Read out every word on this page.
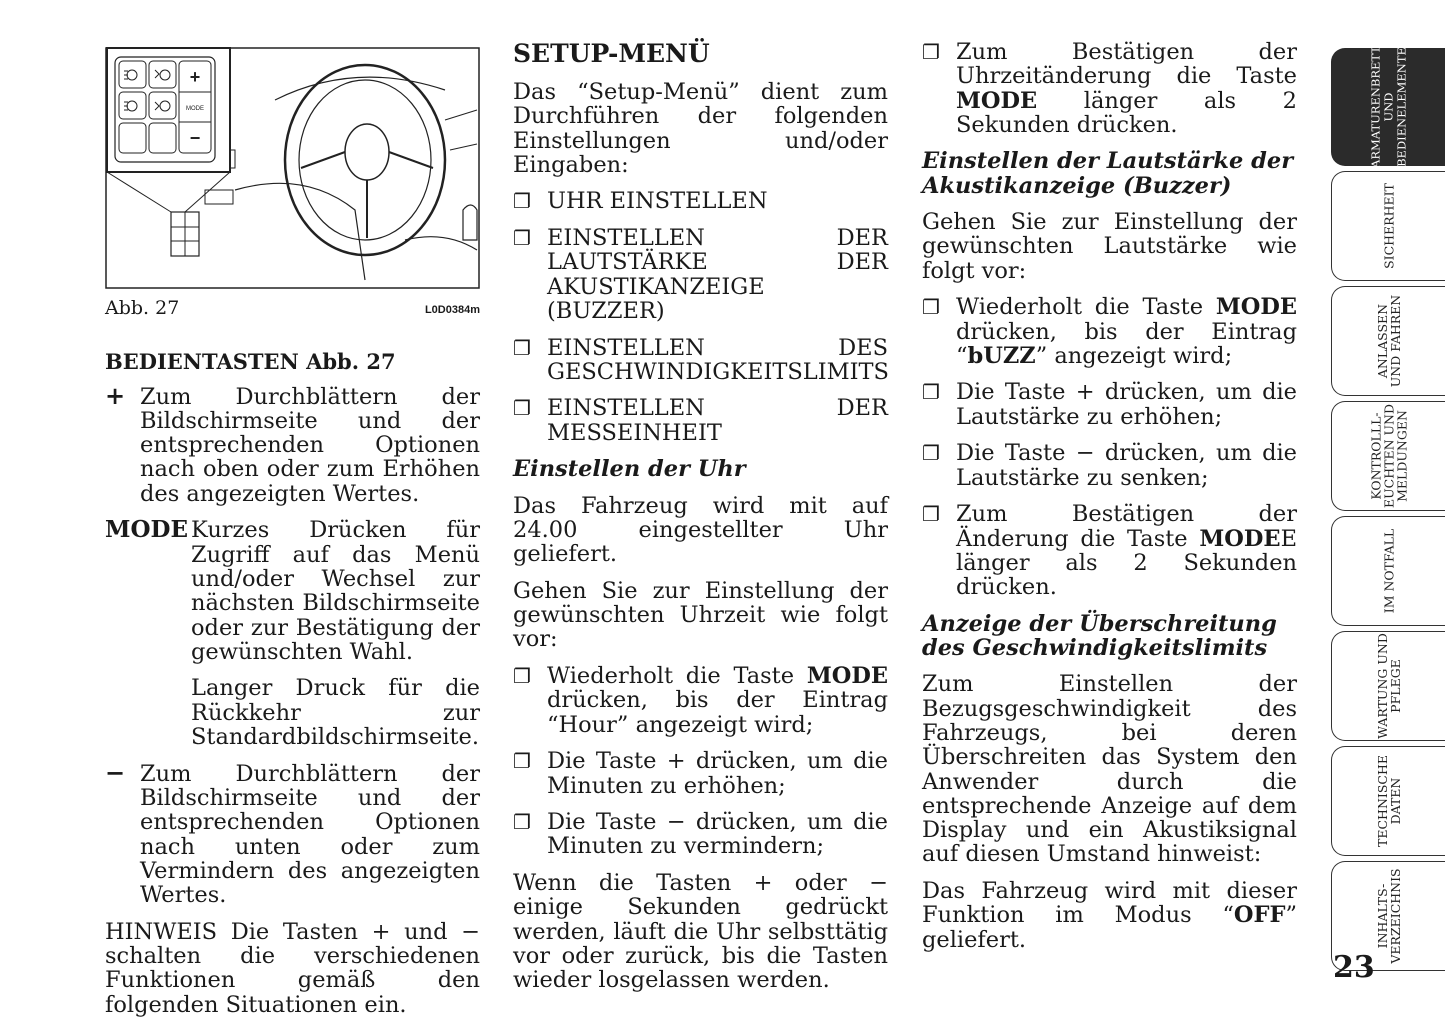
+
MODE
−
Abb. 27	L0D0384m
BEDIENTASTEN Abb. 27
+ Zum Durchblättern der Bildschirmseite und der entsprechenden Optionen nach oben oder zum Erhöhen des angezeigten Wertes.
MODE Kurzes Drücken für Zugriff auf das Menü und/oder Wechsel zur nächsten Bildschirmseite oder zur Bestätigung der gewünschten Wahl.

Langer Druck für die Rückkehr zur Standardbildschirmseite.

− Zum Durchblättern der Bildschirmseite und der entsprechenden Optionen nach unten oder zum Vermindern des angezeigten Wertes.

HINWEIS Die Tasten + und − schalten die verschiedenen Funktionen gemäß den folgenden Situationen ein.

SETUP-MENÜ

Das “Setup-Menü” dient zum Durchführen der folgenden Einstellungen und/oder Eingaben:

❐ UHR EINSTELLEN
❐ EINSTELLEN DER LAUTSTÄRKE DER AKUSTIKANZEIGE (BUZZER)
❐ EINSTELLEN DES GESCHWINDIGKEITSLIMITS
❐ EINSTELLEN DER MESSEINHEIT
Einstellen der Uhr

Das Fahrzeug wird mit auf 24.00 eingestellter Uhr geliefert.

Gehen Sie zur Einstellung der gewünschten Uhrzeit wie folgt vor:

❐ Wiederholt die Taste MODE drücken, bis der Eintrag “Hour” angezeigt wird;
❐ Die Taste + drücken, um die Minuten zu erhöhen;
❐ Die Taste − drücken, um die Minuten zu vermindern;

Wenn die Tasten + oder − einige Sekunden gedrückt werden, läuft die Uhr selbsttätig vor oder zurück, bis die Tasten wieder losgelassen werden.

❐ Zum Bestätigen der Uhrzeitänderung die Taste MODE länger als 2 Sekunden drücken.
Einstellen der Lautstärke der Akustikanzeige (Buzzer)

Gehen Sie zur Einstellung der gewünschten Lautstärke wie folgt vor:

❐ Wiederholt die Taste MODE drücken, bis der Eintrag “bUZZ” angezeigt wird;
❐ Die Taste + drücken, um die Lautstärke zu erhöhen;
❐ Die Taste − drücken, um die Lautstärke zu senken;
❐ Zum Bestätigen der Änderung die Taste MODEE länger als 2 Sekunden drücken.
Anzeige der Überschreitung des Geschwindigkeitslimits

Zum Einstellen der Bezugsgeschwindigkeit des Fahrzeugs, bei deren Überschreiten das System den Anwender durch die entsprechende Anzeige auf dem Display und ein Akustiksignal auf diesen Umstand hinweist:

Das Fahrzeug wird mit dieser Funktion im Modus “OFF” geliefert.

ARMATURENBRETT
UND
BEDIENELEMENTE
SICHERHEIT
ANLASSEN
UND FAHREN
KONTROLLL-
EUCHTEN UND
MELDUNGEN
IM NOTFALL
WARTUNG UND
PFLEGE
TECHNISCHE
DATEN
INHALTS-
VERZEICHNIS
23
